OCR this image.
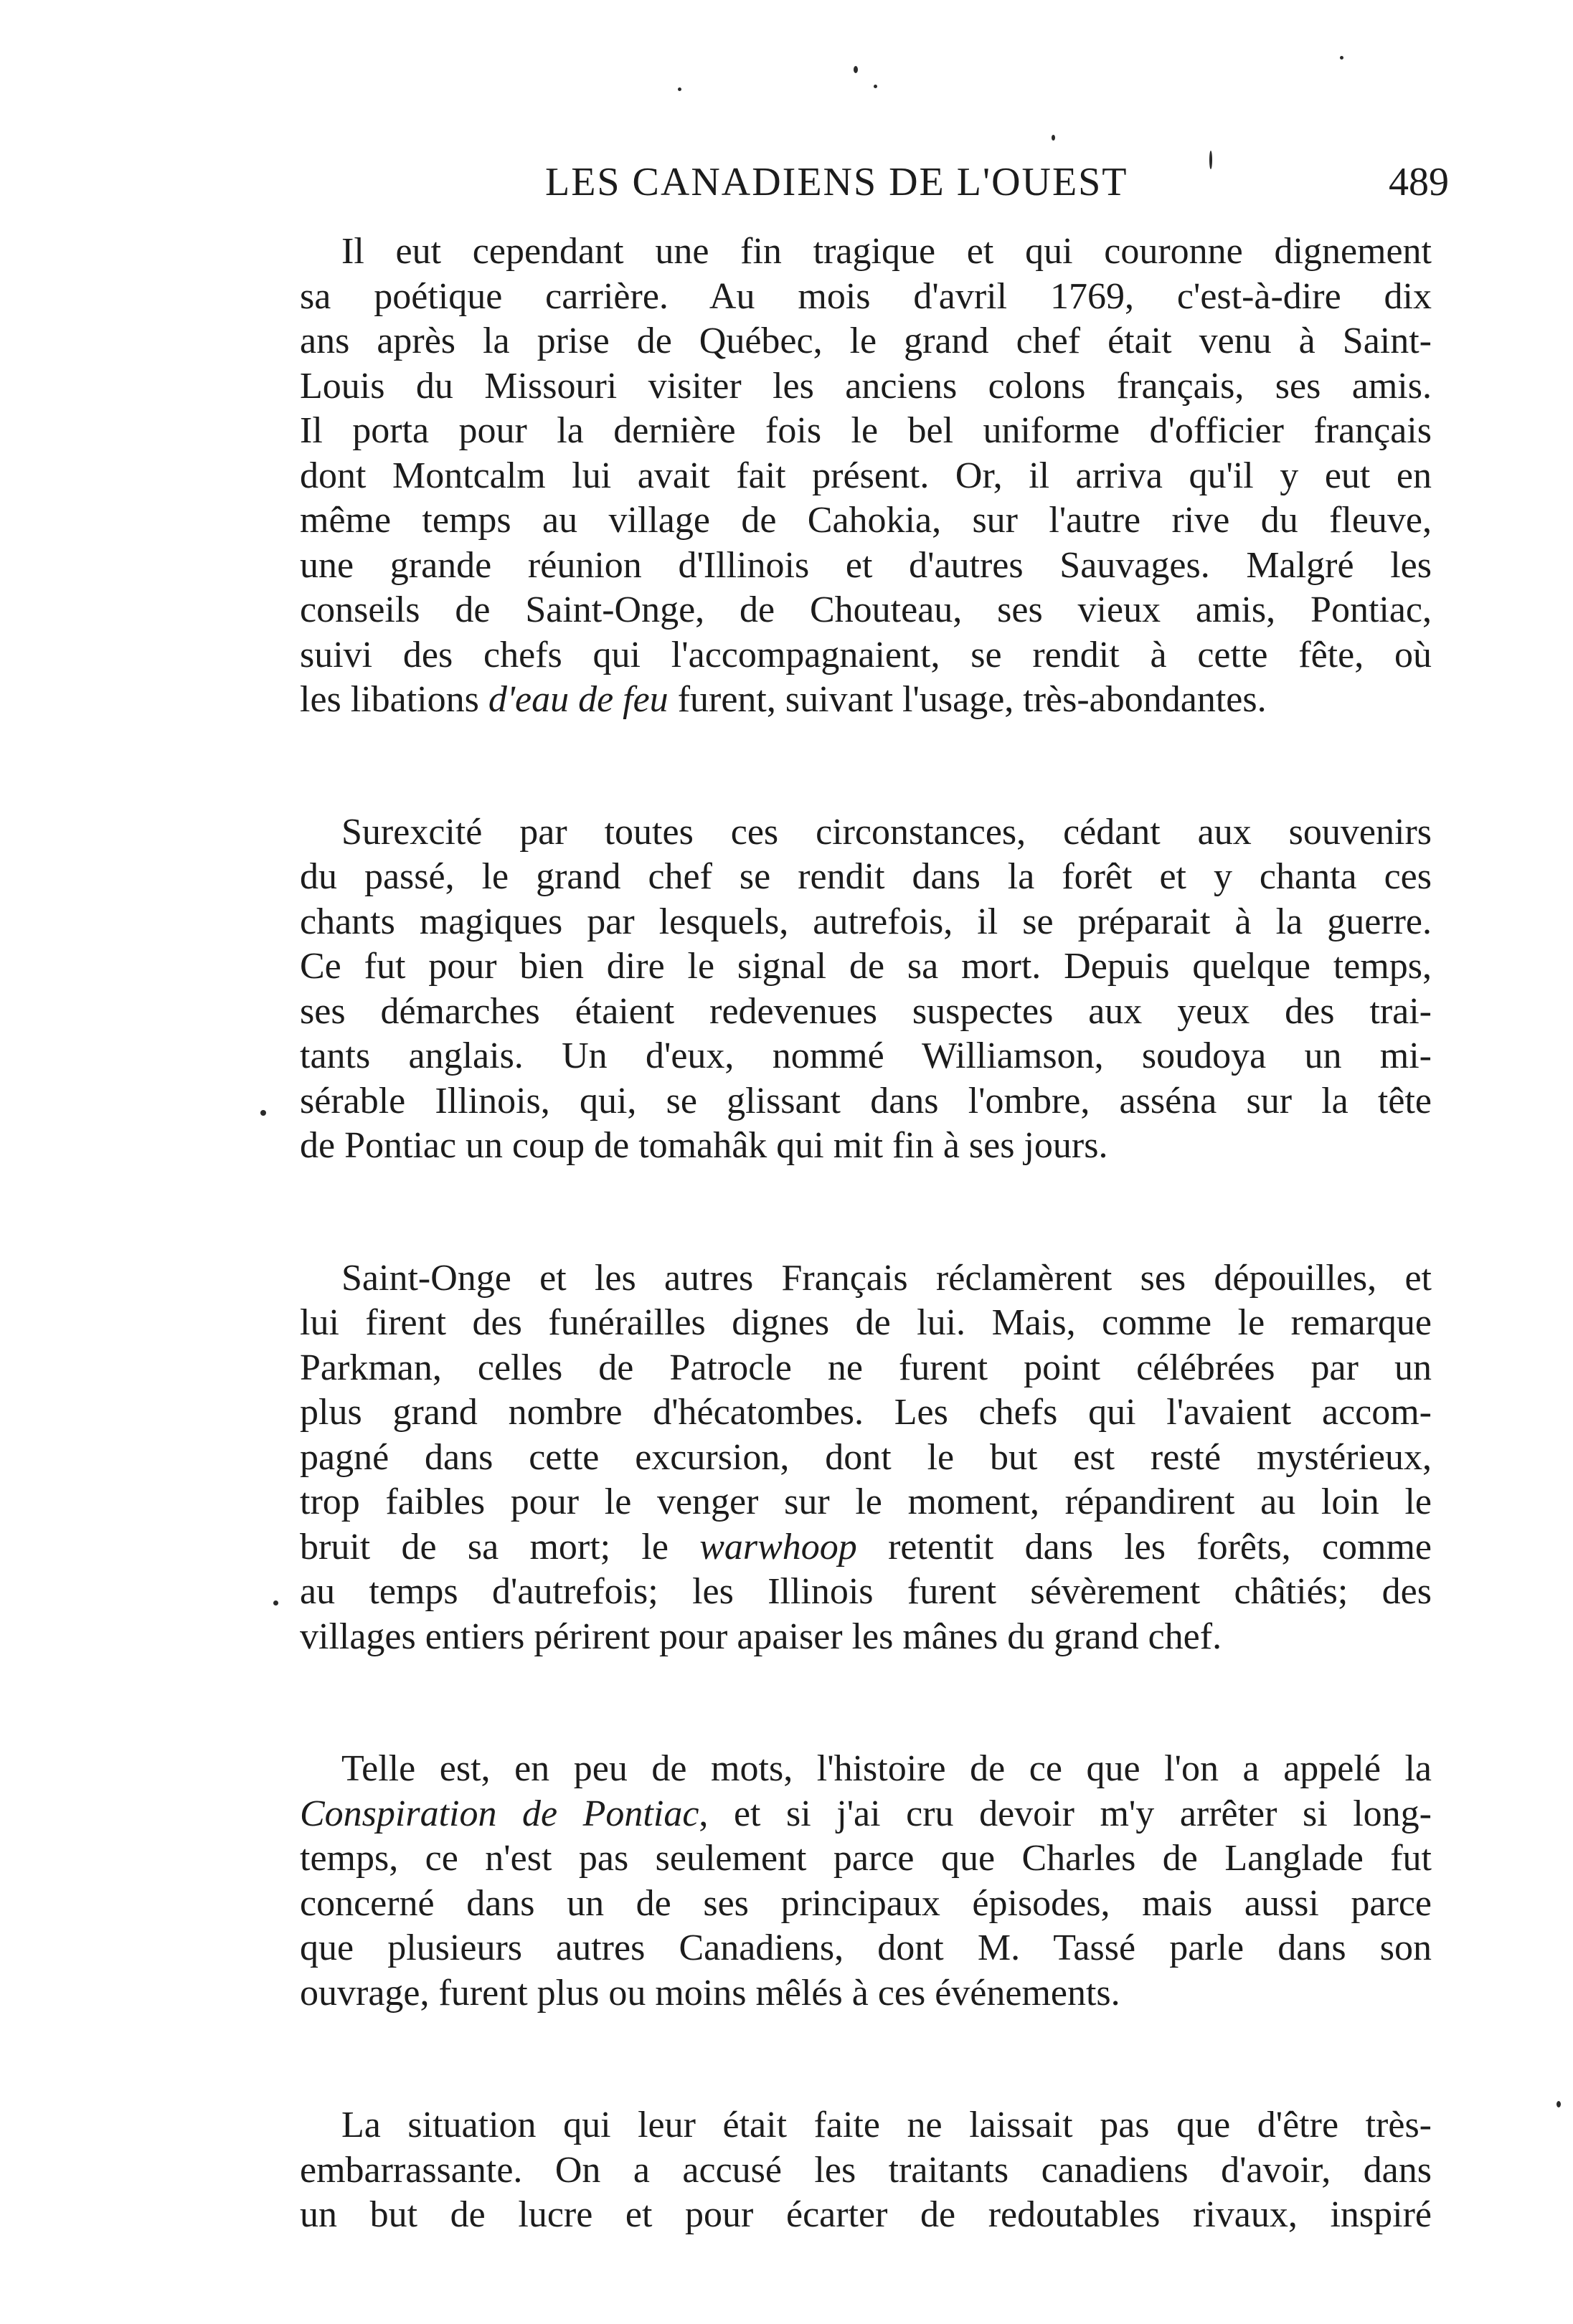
LES CANADIENS DE L'OUEST	489
Il eut cependant une fin tragique et qui couronne dignement
sa poétique carrière. Au mois d'avril 1769, c'est-à-dire dix
ans après la prise de Québec, le grand chef était venu à Saint-
Louis du Missouri visiter les anciens colons français, ses amis.
Il porta pour la dernière fois le bel uniforme d'officier français
dont Montcalm lui avait fait présent. Or, il arriva qu'il y eut en
même temps au village de Cahokia, sur l'autre rive du fleuve,
une grande réunion d'Illinois et d'autres Sauvages. Malgré les
conseils de Saint-Onge, de Chouteau, ses vieux amis, Pontiac,
suivi des chefs qui l'accompagnaient, se rendit à cette fête, où
les libations d'eau de feu furent, suivant l'usage, très-abondantes.
Surexcité par toutes ces circonstances, cédant aux souvenirs
du passé, le grand chef se rendit dans la forêt et y chanta ces
chants magiques par lesquels, autrefois, il se préparait à la guerre.
Ce fut pour bien dire le signal de sa mort. Depuis quelque temps,
ses démarches étaient redevenues suspectes aux yeux des trai-
tants anglais. Un d'eux, nommé Williamson, soudoya un mi-
sérable Illinois, qui, se glissant dans l'ombre, asséna sur la tête
de Pontiac un coup de tomahâk qui mit fin à ses jours.
Saint-Onge et les autres Français réclamèrent ses dépouilles, et
lui firent des funérailles dignes de lui. Mais, comme le remarque
Parkman, celles de Patrocle ne furent point célébrées par un
plus grand nombre d'hécatombes. Les chefs qui l'avaient accom-
pagné dans cette excursion, dont le but est resté mystérieux,
trop faibles pour le venger sur le moment, répandirent au loin le
bruit de sa mort; le warwhoop retentit dans les forêts, comme
au temps d'autrefois; les Illinois furent sévèrement châtiés; des
villages entiers périrent pour apaiser les mânes du grand chef.
Telle est, en peu de mots, l'histoire de ce que l'on a appelé la
Conspiration de Pontiac, et si j'ai cru devoir m'y arrêter si long-
temps, ce n'est pas seulement parce que Charles de Langlade fut
concerné dans un de ses principaux épisodes, mais aussi parce
que plusieurs autres Canadiens, dont M. Tassé parle dans son
ouvrage, furent plus ou moins mêlés à ces événements.
La situation qui leur était faite ne laissait pas que d'être très-
embarrassante. On a accusé les traitants canadiens d'avoir, dans
un but de lucre et pour écarter de redoutables rivaux, inspiré
